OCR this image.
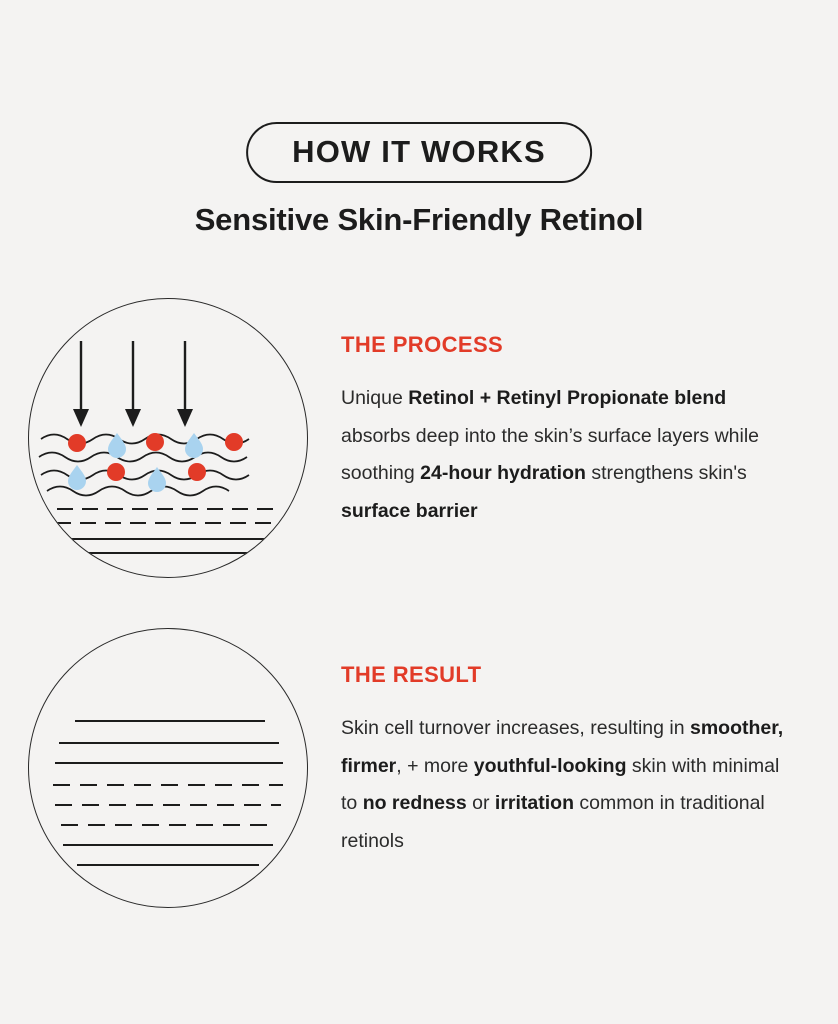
HOW IT WORKS
Sensitive Skin-Friendly Retinol

THE PROCESS

Unique Retinol + Retinyl Propionate blend absorbs deep into the skin’s surface layers while soothing 24-hour hydration strengthens skin's surface barrier

THE RESULT

Skin cell turnover increases, resulting in smoother, firmer, + more youthful-looking skin with minimal to no redness or irritation common in traditional retinols
